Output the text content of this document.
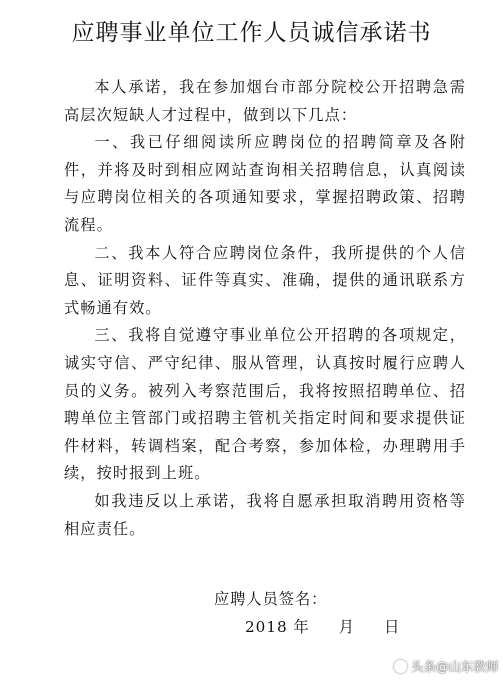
应聘事业单位工作人员诚信承诺书

本人承诺，我在参加烟台市部分院校公开招聘急需高层次短缺人才过程中，做到以下几点：

一、我已仔细阅读所应聘岗位的招聘简章及各附件，并将及时到相应网站查询相关招聘信息，认真阅读与应聘岗位相关的各项通知要求，掌握招聘政策、招聘流程。

二、我本人符合应聘岗位条件，我所提供的个人信息、证明资料、证件等真实、准确，提供的通讯联系方式畅通有效。

三、我将自觉遵守事业单位公开招聘的各项规定，诚实守信、严守纪律、服从管理，认真按时履行应聘人员的义务。被列入考察范围后，我将按照招聘单位、招聘单位主管部门或招聘主管机关指定时间和要求提供证件材料，转调档案，配合考察，参加体检，办理聘用手续，按时报到上班。

如我违反以上承诺，我将自愿承担取消聘用资格等相应责任。

应聘人员签名：
2018 年     月     日
头条@山东教师
